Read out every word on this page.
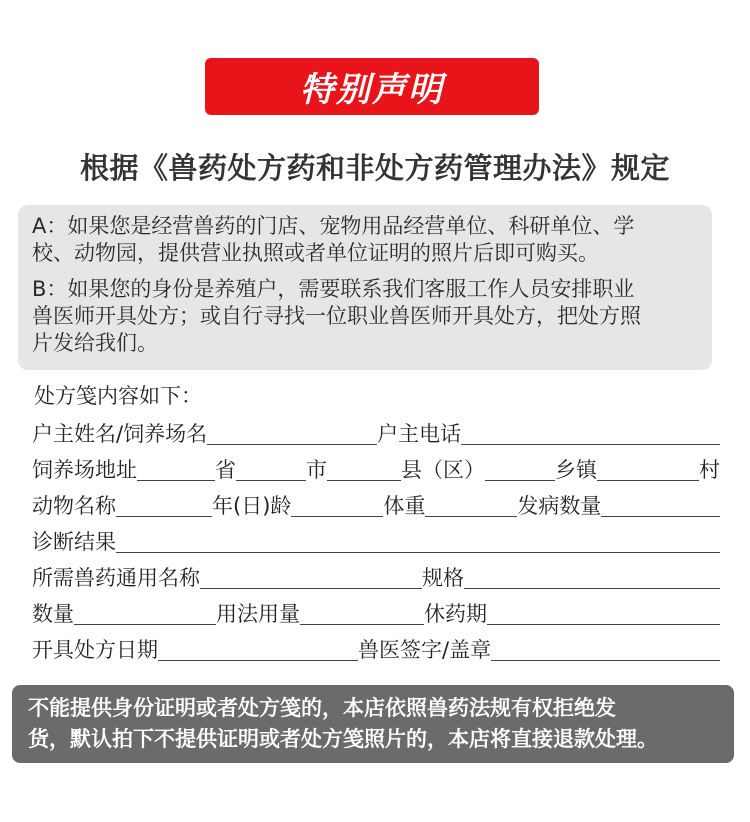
特别声明
根据《兽药处方药和非处方药管理办法》规定

A：如果您是经营兽药的门店、宠物用品经营单位、科研单位、学
校、动物园，提供营业执照或者单位证明的照片后即可购买。

B：如果您的身份是养殖户，需要联系我们客服工作人员安排职业
兽医师开具处方；或自行寻找一位职业兽医师开具处方，把处方照
片发给我们。

处方笺内容如下：
户主姓名/饲养场名	户主电话
饲养场地址	省	市	县（区）	乡镇	村
动物名称	年(日)龄	体重	发病数量
诊断结果
所需兽药通用名称	规格
数量	用法用量	休药期
开具处方日期	兽医签字/盖章

不能提供身份证明或者处方笺的，本店依照兽药法规有权拒绝发

货，默认拍下不提供证明或者处方笺照片的，本店将直接退款处理。
